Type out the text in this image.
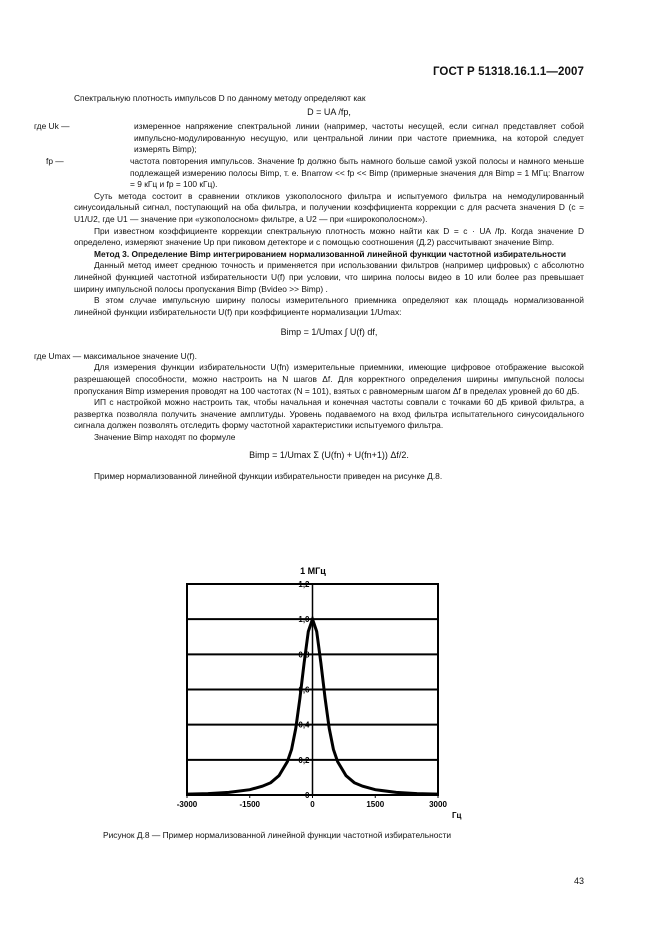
ГОСТ Р 51318.16.1.1—2007

Спектральную плотность импульсов D по данному методу определяют как

D = UA /fp,
где Uk —	измеренное напряжение спектральной линии (например, частоты несущей, если сигнал представляет собой импульсно-модулированную несущую, или центральной линии при частоте приемника, на которой следует измерять Bimp);
fp —	частота повторения импульсов. Значение fp должно быть намного больше самой узкой полосы и намного меньше подлежащей измерению полосы Bimp, т. е. Bnarrow << fp << Bimp (примерные значения для Bimp = 1 МГц: Bnarrow = 9 кГц и fp = 100 кГц).

Суть метода состоит в сравнении откликов узкополосного фильтра и испытуемого фильтра на немодулированный синусоидальный сигнал, поступающий на оба фильтра, и получении коэффициента коррекции c для расчета значения D (c = U1/U2, где U1 — значение при «узкополосном» фильтре, а U2 — при «широкополосном»).

При известном коэффициенте коррекции спектральную плотность можно найти как D = c · UA /fp. Когда значение D определено, измеряют значение Up при пиковом детекторе и с помощью соотношения (Д.2) рассчитывают значение Bimp.

Метод 3. Определение Bimp интегрированием нормализованной линейной функции частотной избирательности

Данный метод имеет среднюю точность и применяется при использовании фильтров (например цифровых) с абсолютно линейной функцией частотной избирательности U(f) при условии, что ширина полосы видео в 10 или более раз превышает ширину импульсной полосы пропускания Bimp (Bvideo >> Bimp) .

В этом случае импульсную ширину полосы измерительного приемника определяют как площадь нормализованной линейной функции избирательности U(f) при коэффициенте нормализации 1/Umax:

Bimp = 1/Umax ∫ U(f) df,

где Umax — максимальное значение U(f).

Для измерения функции избирательности U(fn) измерительные приемники, имеющие цифровое отображение высокой разрешающей способности, можно настроить на N шагов Δf. Для корректного определения ширины импульсной полосы пропускания Bimp измерения проводят на 100 частотах (N = 101), взятых с равномерным шагом Δf в пределах уровней до 60 дБ.

ИП с настройкой можно настроить так, чтобы начальная и конечная частоты совпали с точками 60 дБ кривой фильтра, а развертка позволяла получить значение амплитуды. Уровень подаваемого на вход фильтра испытательного синусоидального сигнала должен позволять отследить форму частотной характеристики испытуемого фильтра.

Значение Bimp находят по формуле

Bimp = 1/Umax Σ (U(fn) + U(fn+1)) Δf/2.

Пример нормализованной линейной функции избирательности приведен на рисунке Д.8.

1 МГц
0
0,2
0,4
0,6
0,8
1,0
1,2
-3000	-1500	0	1500	3000
Гц
Рисунок Д.8 — Пример нормализованной линейной функции частотной избирательности
43
